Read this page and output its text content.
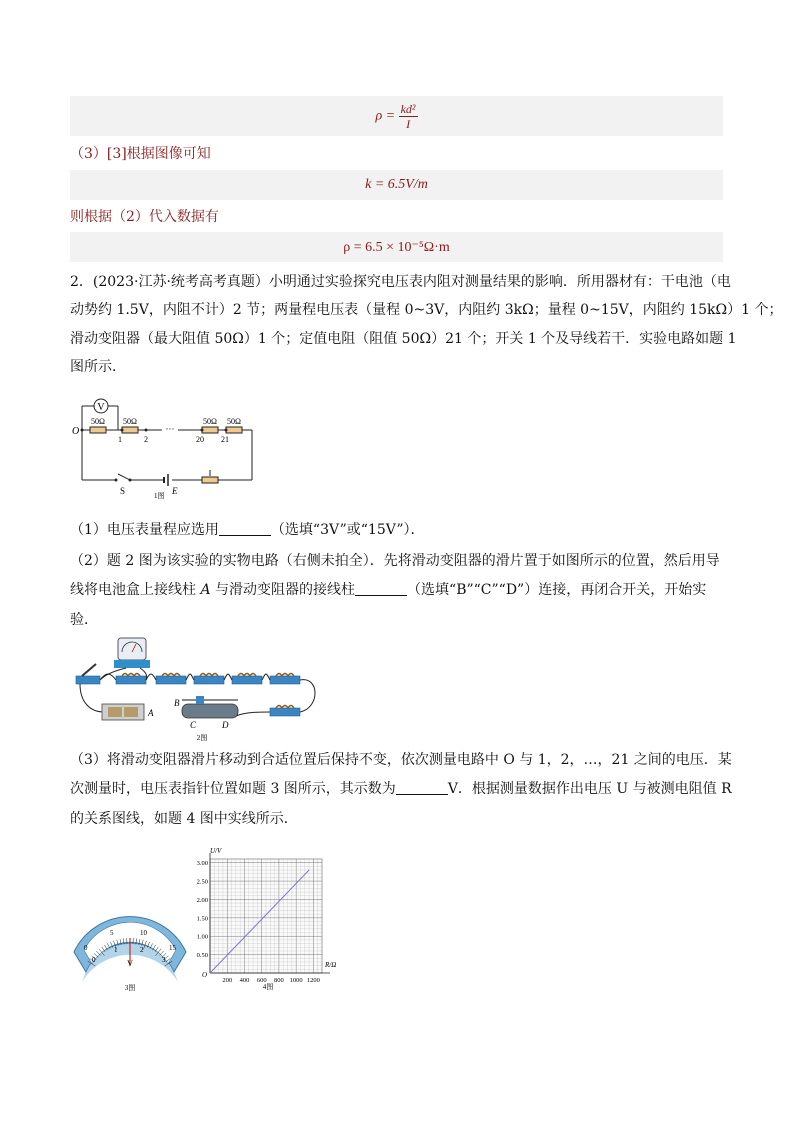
$\rho = \frac{\text{kd²}}{I}$
（3）[3]根据图像可知
k = 6.5V/m
则根据（2）代入数据有
ρ = 6.5 × 10⁻⁵Ω·m
2．(2023·江苏·统考高考真题）小明通过实验探究电压表内阻对测量结果的影响．所用器材有：干电池（电
动势约 1.5V，内阻不计）2 节；两量程电压表（量程 0~3V，内阻约 3kΩ；量程 0~15V，内阻约 15kΩ）1 个；
滑动变阻器（最大阻值 50Ω）1 个；定值电阻（阻值 50Ω）21 个；开关 1 个及导线若干．实验电路如题 1
图所示．
V
O
50Ω 50Ω	50Ω 50Ω
1	2
···
20 21
S	E
1图
（1）电压表量程应选用	（选填“3V”或“15V”）．
（2）题 2 图为该实验的实物电路（右侧未拍全）．先将滑动变阻器的滑片置于如图所示的位置，然后用导
线将电池盒上接线柱 A 与滑动变阻器的接线柱	（选填“B”“C”“D”）连接，再闭合开关，开始实
验．
A
B
C	D
2图
（3）将滑动变阻器滑片移动到合适位置后保持不变，依次测量电路中 O 与 1，2，…，21 之间的电压．某
次测量时，电压表指针位置如题 3 图所示，其示数为	V．根据测量数据作出电压 U 与被测电阻值 R
的关系图线，如题 4 图中实线所示．
0
5	10
15
0
1	2
3
V
3图
200 400 600 800 1000 1200
0.50
1.00
1.50
2.00
2.50
3.00
U/V
R/Ω
O
4图
